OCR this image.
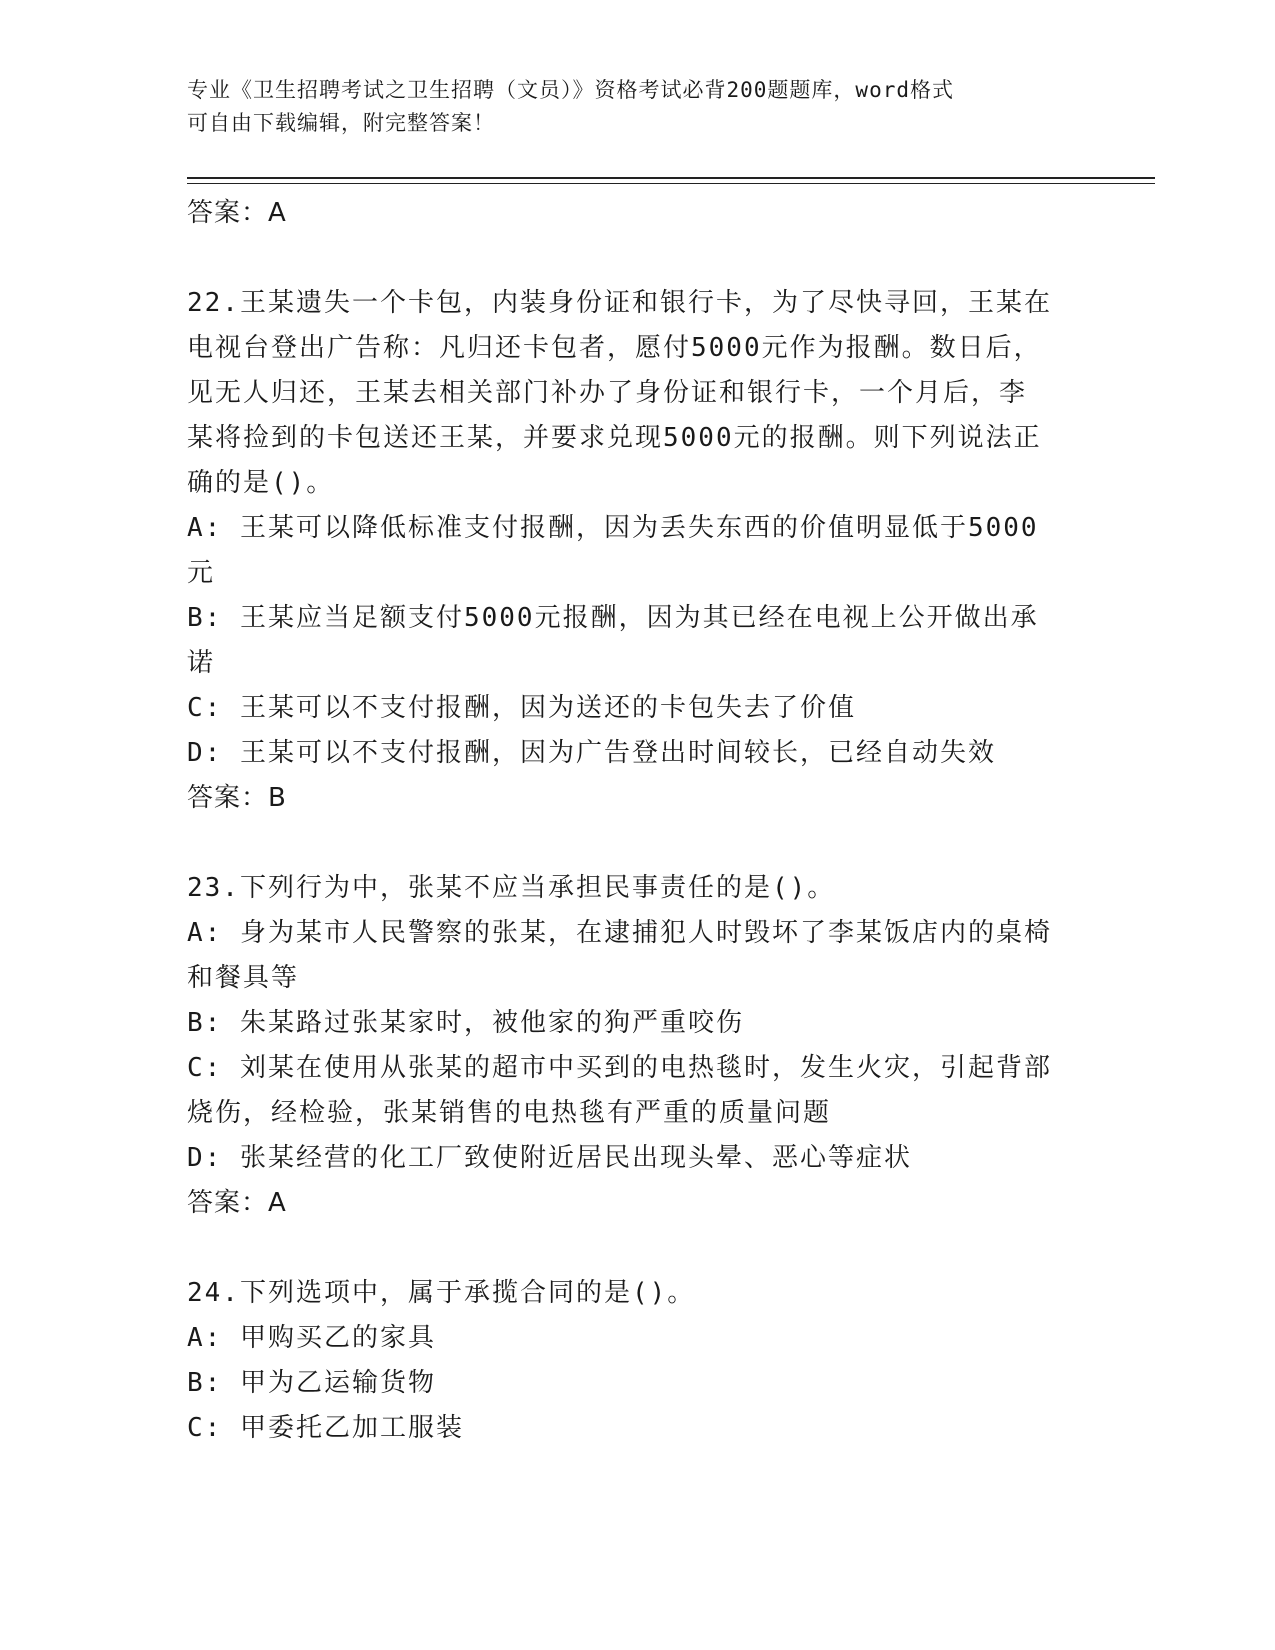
专业《卫生招聘考试之卫生招聘（文员）》资格考试必背200题题库，word格式
可自由下载编辑，附完整答案！
答案：A
22.王某遗失一个卡包，内装身份证和银行卡，为了尽快寻回，王某在
电视台登出广告称：凡归还卡包者，愿付5000元作为报酬。数日后，
见无人归还，王某去相关部门补办了身份证和银行卡，一个月后，李
某将捡到的卡包送还王某，并要求兑现5000元的报酬。则下列说法正
确的是()。
A: 王某可以降低标准支付报酬，因为丢失东西的价值明显低于5000
元
B: 王某应当足额支付5000元报酬，因为其已经在电视上公开做出承
诺
C: 王某可以不支付报酬，因为送还的卡包失去了价值
D: 王某可以不支付报酬，因为广告登出时间较长，已经自动失效
答案：B
23.下列行为中，张某不应当承担民事责任的是()。
A: 身为某市人民警察的张某，在逮捕犯人时毁坏了李某饭店内的桌椅
和餐具等
B: 朱某路过张某家时，被他家的狗严重咬伤
C: 刘某在使用从张某的超市中买到的电热毯时，发生火灾，引起背部
烧伤，经检验，张某销售的电热毯有严重的质量问题
D: 张某经营的化工厂致使附近居民出现头晕、恶心等症状
答案：A
24.下列选项中，属于承揽合同的是()。
A: 甲购买乙的家具
B: 甲为乙运输货物
C: 甲委托乙加工服装
